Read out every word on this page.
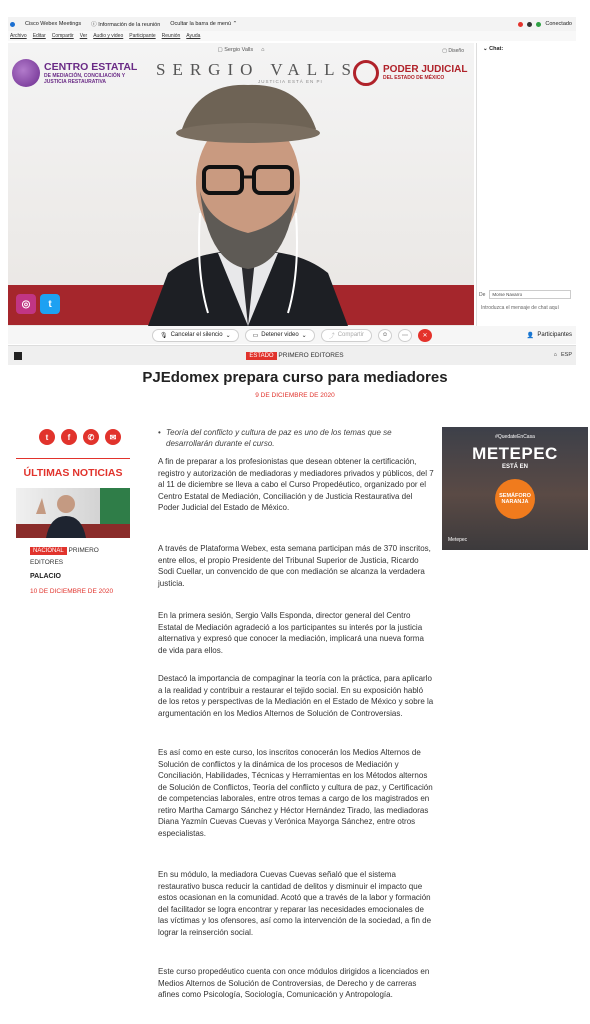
Cisco Webex Meetings ⓘ Información de la reunión Ocultar la barra de menú ⌃	Conectado
Archivo Editar Compartir Ver Audio y video Participante Reunión Ayuda
▢ Sergio Valls ⌂	▢ Diseño
CENTRO ESTATAL
DE MEDIACIÓN, CONCILIACIÓN Y
JUSTICIA RESTAURATIVA
SERGIO VALLS
JUSTICIA ESTÁ EN PI
PODER JUDICIAL
DEL ESTADO DE MÉXICO
◎	t
⌄ Chat:
De	Morse Navarro
Introduzca el mensaje de chat aquí
🎙 Cancelar el silencio ⌄	▭ Detener video ⌄	⤴ Compartir	☺	⋯	✕	👤 Participantes
⌂ ESP
ESTADO PRIMERO EDITORES
PJEdomex prepara curso para mediadores
9 DE DICIEMBRE DE 2020
t	f	✆	✉
ÚLTIMAS NOTICIAS
NACIONAL PRIMERO EDITORES
PALACIO
10 DE DICIEMBRE DE 2020
• Teoría del conflicto y cultura de paz es uno de los temas que se desarrollarán durante el curso.
A fin de preparar a los profesionistas que desean obtener la certificación, registro y autorización de mediadoras y mediadores privados y públicos, del 7 al 11 de diciembre se lleva a cabo el Curso Propedéutico, organizado por el Centro Estatal de Mediación, Conciliación y de Justicia Restaurativa del Poder Judicial del Estado de México.
A través de Plataforma Webex, esta semana participan más de 370 inscritos, entre ellos, el propio Presidente del Tribunal Superior de Justicia, Ricardo Sodi Cuellar, un convencido de que con mediación se alcanza la verdadera justicia.
En la primera sesión, Sergio Valls Esponda, director general del Centro Estatal de Mediación agradeció a los participantes su interés por la justicia alternativa y expresó que conocer la mediación, implicará una nueva forma de vida para ellos.
Destacó la importancia de compaginar la teoría con la práctica, para aplicarlo a la realidad y contribuir a restaurar el tejido social. En su exposición habló de los retos y perspectivas de la Mediación en el Estado de México y sobre la argumentación en los Medios Alternos de Solución de Controversias.
Es así como en este curso, los inscritos conocerán los Medios Alternos de Solución de conflictos y la dinámica de los procesos de Mediación y Conciliación, Habilidades, Técnicas y Herramientas en los Métodos alternos de Solución de Conflictos, Teoría del conflicto y cultura de paz, y Certificación de competencias laborales, entre otros temas a cargo de los magistrados en retiro Martha Camargo Sánchez y Héctor Hernández Tirado, las mediadoras Diana Yazmín Cuevas Cuevas y Verónica Mayorga Sánchez, entre otros especialistas.
En su módulo, la mediadora Cuevas Cuevas señaló que el sistema restaurativo busca reducir la cantidad de delitos y disminuir el impacto que estos ocasionan en la comunidad. Acotó que a través de la labor y formación del facilitador se logra encontrar y reparar las necesidades emocionales de las víctimas y los ofensores, así como la intervención de la sociedad, a fin de lograr la reinserción social.
Este curso propedéutico cuenta con once módulos dirigidos a licenciados en Medios Alternos de Solución de Controversias, de Derecho y de carreras afines como Psicología, Sociología, Comunicación y Antropología.
#QuedateEnCasa
METEPEC
ESTÁ EN
SEMÁFORO
NARANJA
Metepec
